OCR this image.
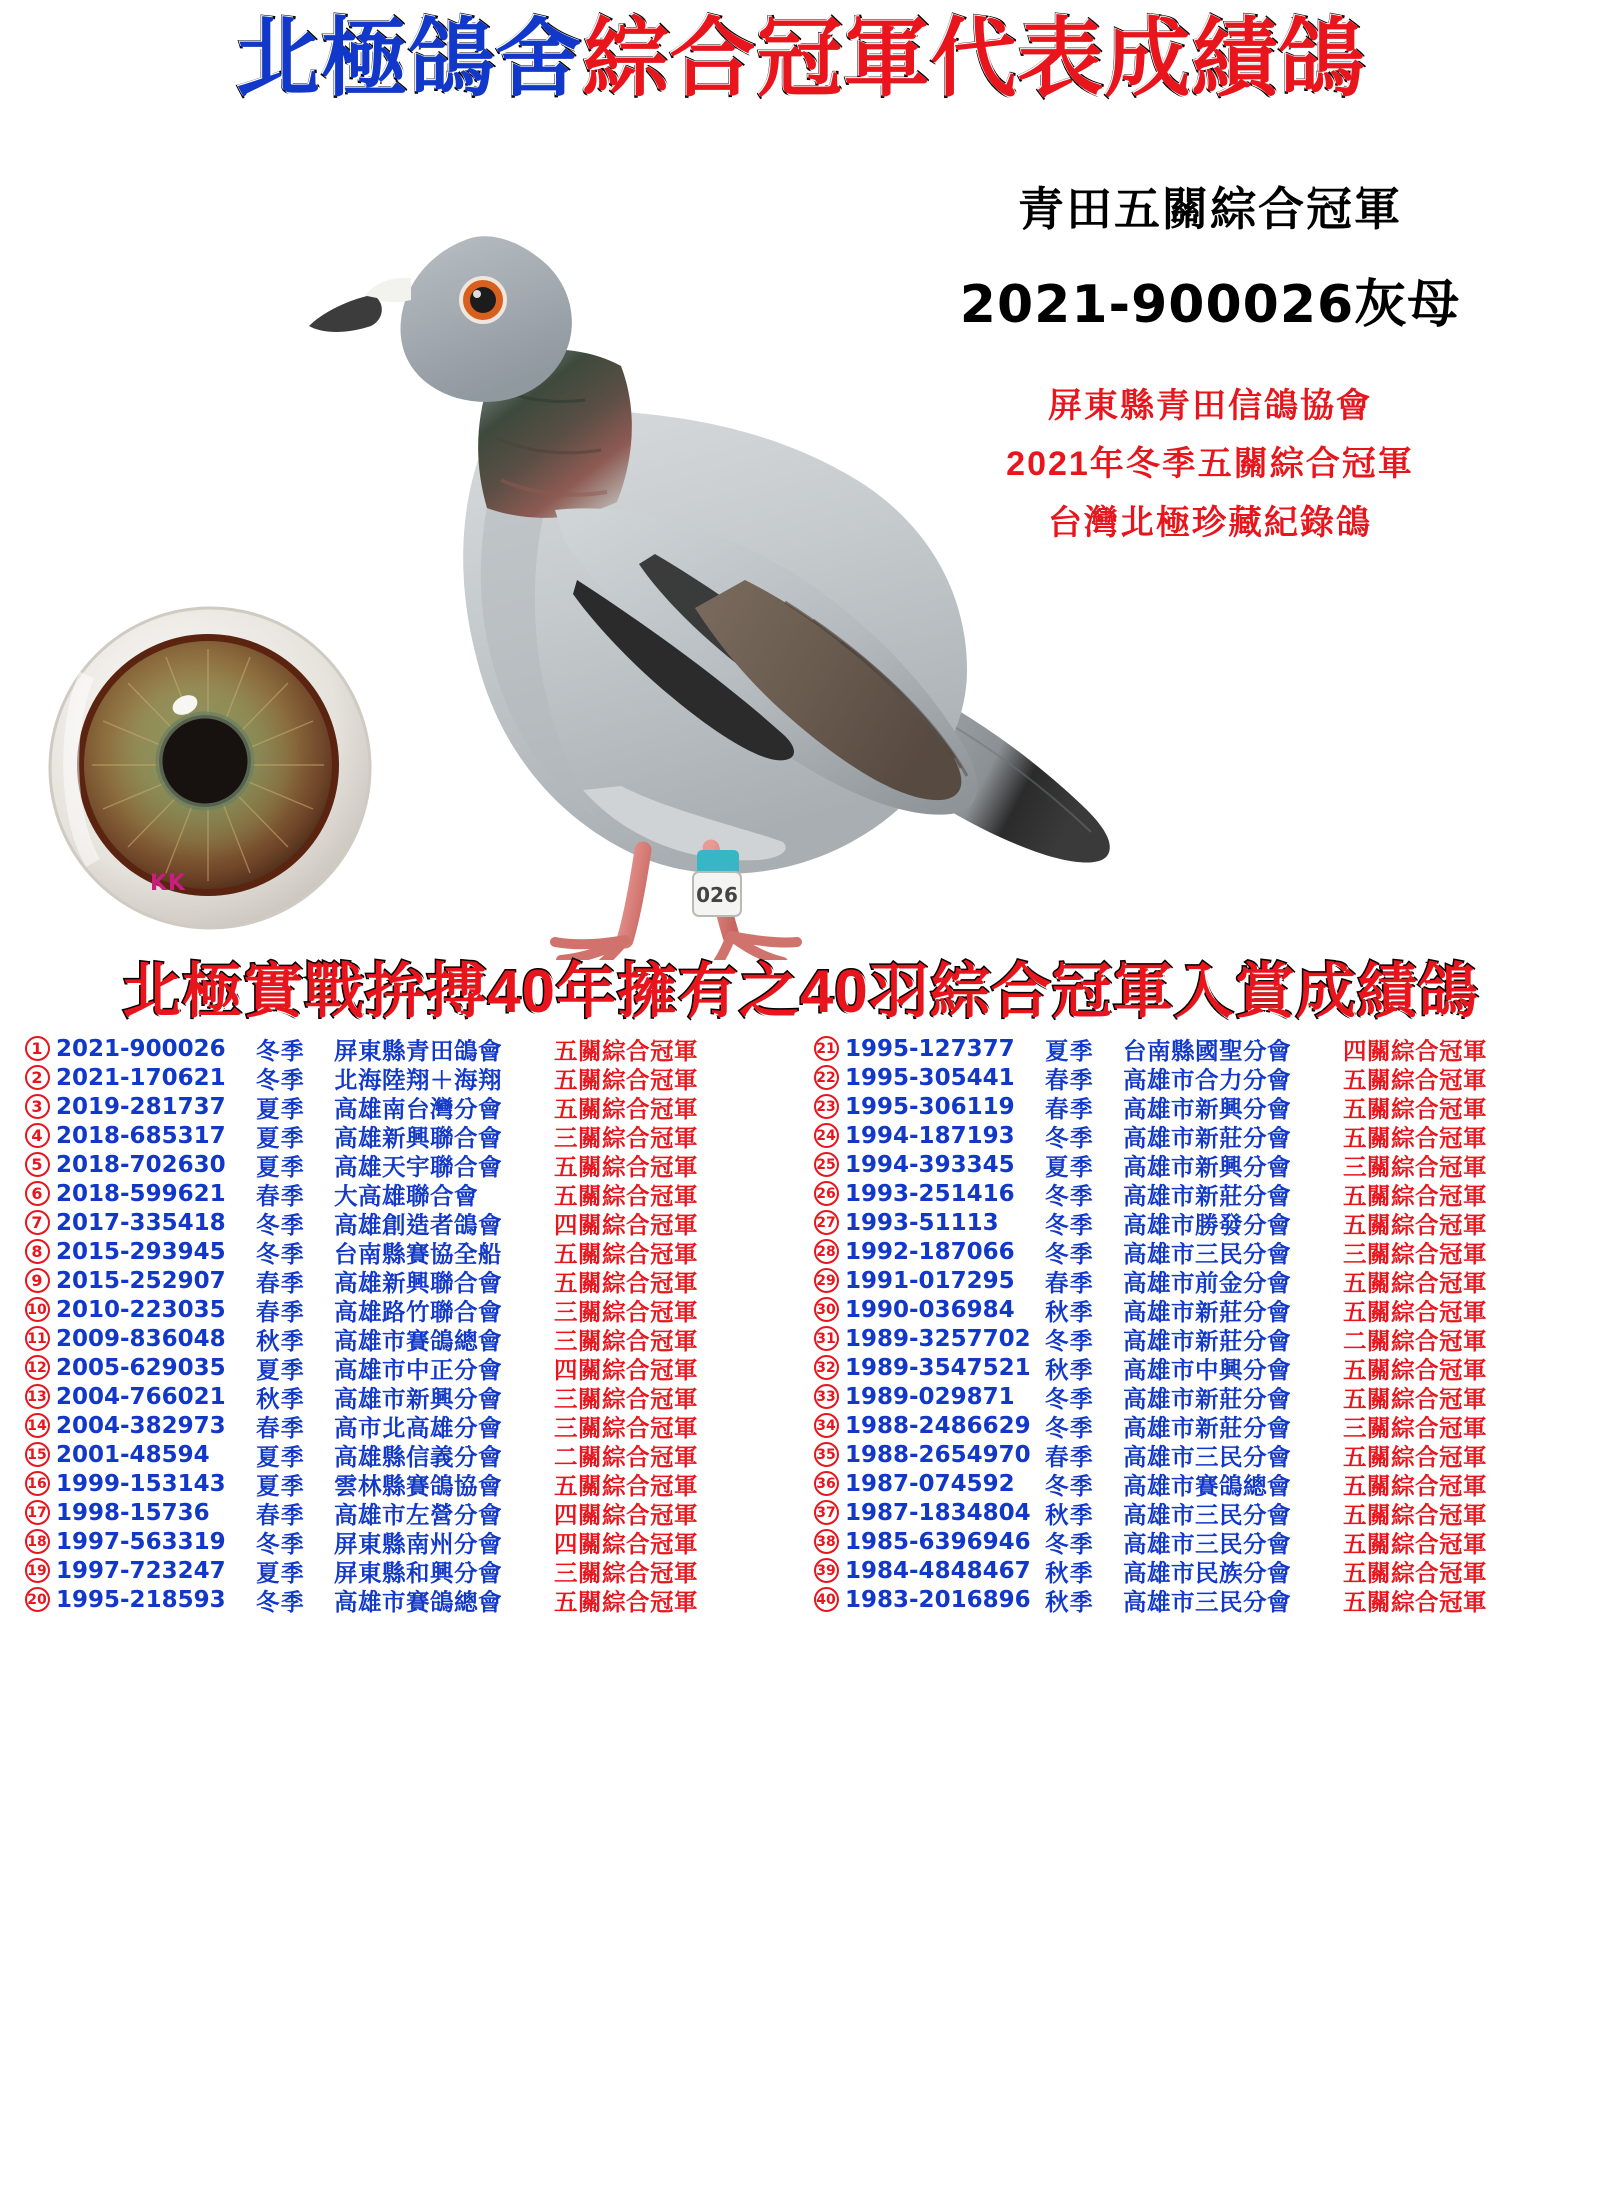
北極鴿舍綜合冠軍代表成績鴿
026
KK
青田五關綜合冠軍
2021-900026灰母
屏東縣青田信鴿協會
2021年冬季五關綜合冠軍
台灣北極珍藏紀錄鴿
北極實戰拚搏40年擁有之40羽綜合冠軍入賞成績鴿
1 2021-900026	冬季	屏東縣青田鴿會	五關綜合冠軍
2 2021-170621	冬季	北海陸翔＋海翔	五關綜合冠軍
3 2019-281737	夏季	高雄南台灣分會	五關綜合冠軍
4 2018-685317	夏季	高雄新興聯合會	三關綜合冠軍
5 2018-702630	夏季	高雄天宇聯合會	五關綜合冠軍
6 2018-599621	春季	大高雄聯合會	五關綜合冠軍
7 2017-335418	冬季	高雄創造者鴿會	四關綜合冠軍
8 2015-293945	冬季	台南縣賽協全船	五關綜合冠軍
9 2015-252907	春季	高雄新興聯合會	五關綜合冠軍
10 2010-223035	春季	高雄路竹聯合會	三關綜合冠軍
11 2009-836048	秋季	高雄市賽鴿總會	三關綜合冠軍
12 2005-629035	夏季	高雄市中正分會	四關綜合冠軍
13 2004-766021	秋季	高雄市新興分會	三關綜合冠軍
14 2004-382973	春季	高市北高雄分會	三關綜合冠軍
15 2001-48594	夏季	高雄縣信義分會	二關綜合冠軍
16 1999-153143	夏季	雲林縣賽鴿協會	五關綜合冠軍
17 1998-15736	春季	高雄市左營分會	四關綜合冠軍
18 1997-563319	冬季	屏東縣南州分會	四關綜合冠軍
19 1997-723247	夏季	屏東縣和興分會	三關綜合冠軍
20 1995-218593	冬季	高雄市賽鴿總會	五關綜合冠軍
21 1995-127377	夏季	台南縣國聖分會	四關綜合冠軍
22 1995-305441	春季	高雄市合力分會	五關綜合冠軍
23 1995-306119	春季	高雄市新興分會	五關綜合冠軍
24 1994-187193	冬季	高雄市新莊分會	五關綜合冠軍
25 1994-393345	夏季	高雄市新興分會	三關綜合冠軍
26 1993-251416	冬季	高雄市新莊分會	五關綜合冠軍
27 1993-51113	冬季	高雄市勝發分會	五關綜合冠軍
28 1992-187066	冬季	高雄市三民分會	三關綜合冠軍
29 1991-017295	春季	高雄市前金分會	五關綜合冠軍
30 1990-036984	秋季	高雄市新莊分會	五關綜合冠軍
31 1989-3257702 冬季	高雄市新莊分會	二關綜合冠軍
32 1989-3547521 秋季	高雄市中興分會	五關綜合冠軍
33 1989-029871	冬季	高雄市新莊分會	五關綜合冠軍
34 1988-2486629 冬季	高雄市新莊分會	三關綜合冠軍
35 1988-2654970 春季	高雄市三民分會	五關綜合冠軍
36 1987-074592	冬季	高雄市賽鴿總會	五關綜合冠軍
37 1987-1834804 秋季	高雄市三民分會	五關綜合冠軍
38 1985-6396946 冬季	高雄市三民分會	五關綜合冠軍
39 1984-4848467 秋季	高雄市民族分會	五關綜合冠軍
40 1983-2016896 秋季	高雄市三民分會	五關綜合冠軍
